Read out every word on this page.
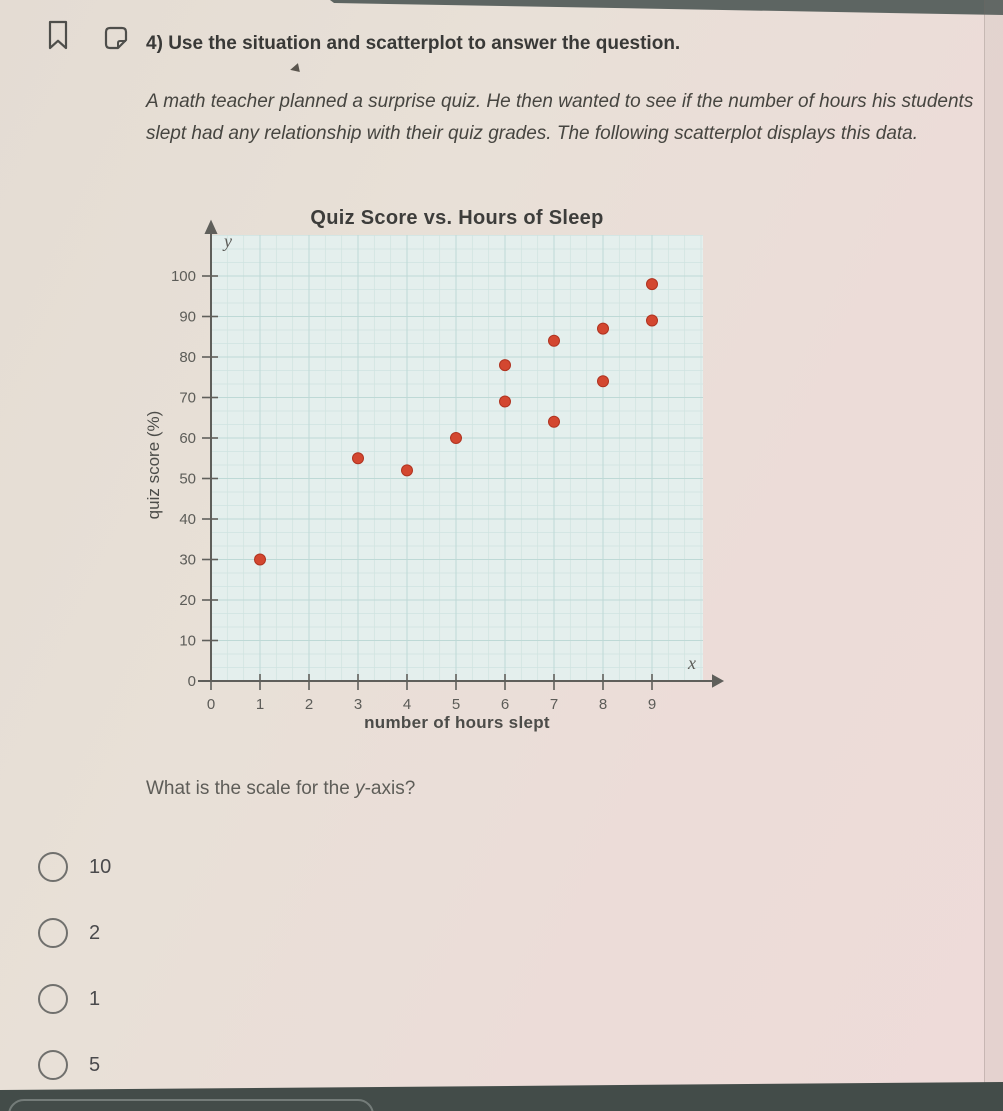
4) Use the situation and scatterplot to answer the question.
A math teacher planned a surprise quiz. He then wanted to see if the number of hours his students slept had any relationship with their quiz grades. The following scatterplot displays this data.
Quiz Score vs. Hours of Sleep
quiz score (%)
number of hours slept
0	1	2	3	4	5	6	7	8	9
0
10
20
30
40
50
60
70
80
90
100
y
x
What is the scale for the y-axis?
10
2
1
5
